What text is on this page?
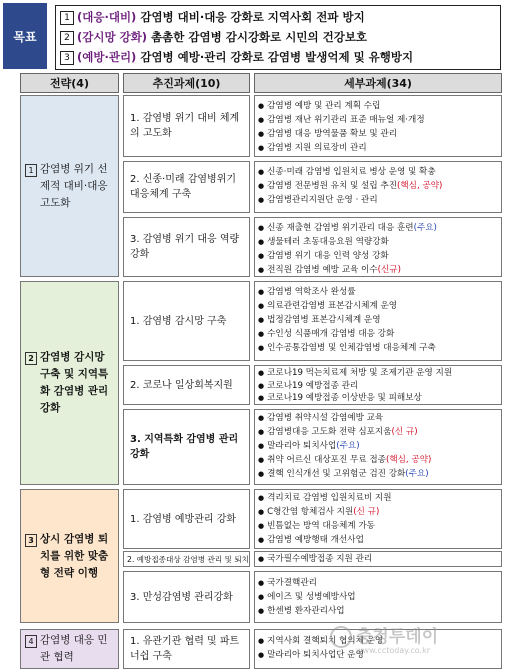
목표
1 (대응·대비) 감염병 대비·대응 강화로 지역사회 전파 방지
2 (감시망 강화) 촘촘한 감염병 감시강화로 시민의 건강보호
3 (예방·관리) 감염병 예방·관리 강화로 감염병 발생억제 및 유행방지
전략(4)	추진과제(10)	세부과제(34)
1 감염병 위기 선제적 대비·대응 고도화
2 감염병 감시망 구축 및 지역특화 감염병 관리 강화
3 상시 감염병 퇴치를 위한 맞춤형 전략 이행
4 감염병 대응 민관 협력
1. 감염병 위기 대비 체계의 고도화
2. 신종·미래 감염병위기 대응체계 구축
3. 감염병 위기 대응 역량강화
1. 감염병 감시망 구축
2. 코로나 일상회복지원
3. 지역특화 감염병 관리 강화
1. 감염병 예방관리 강화
2. 예방접종대상 감염병 관리 및 퇴치
3. 만성감염병 관리강화
1. 유관기관 협력 및 파트너쉽 구축
● 감염병 예방 및 관리 계획 수립
● 감염병 재난 위기관리 표준 매뉴얼 제·개정
● 감염병 대응 방역물품 확보 및 관리
● 감염병 지원 의료장비 관리
● 신종·미래 감염병 입원치료 병상 운영 및 확충
● 감염병 전문병원 유치 및 설립 추진(핵심, 공약)
● 감염병관리지원단 운영 · 관리
● 신종 재출현 감염병 위기관리 대응 훈련(주요)
● 생물테러 초동대응요원 역량강화
● 감염병 위기 대응 인력 양성 강화
● 전직원 감염병 예방 교육 이수(신규)
● 감염병 역학조사 완성률
● 의료관련감염병 표본감시체계 운영
● 법정감염병 표본감시체계 운영
● 수인성 식품매개 감염병 대응 강화
● 인수공통감염병 및 인체감염병 대응체계 구축
● 코로나19 먹는치료제 처방 및 조제기관 운영 지원
● 코로나19 예방접종 관리
● 코로나19 예방접종 이상반응 및 피해보상
● 감염병 취약시설 감염예방 교육
● 감염병대응 고도화 전략 심포지움(신 규)
● 말라리아 퇴치사업(주요)
● 취약 어르신 대상포진 무료 접종(핵심, 공약)
● 결핵 인식개선 및 고위험군 검진 강화(주요)
● 격리치료 감염병 입원치료비 지원
● C형간염 항체검사 지원(신 규)
● 빈틈없는 방역 대응체계 가동
● 감염병 예방행태 개선사업
● 국가필수예방접종 지원 관리
● 국가결핵관리
● 에이즈 및 성병예방사업
● 한센병 환자관리사업
● 지역사회 결핵퇴치 협의체 운영
● 말라리아 퇴치사업단 운영
충청투데이
www.cctoday.co.kr
